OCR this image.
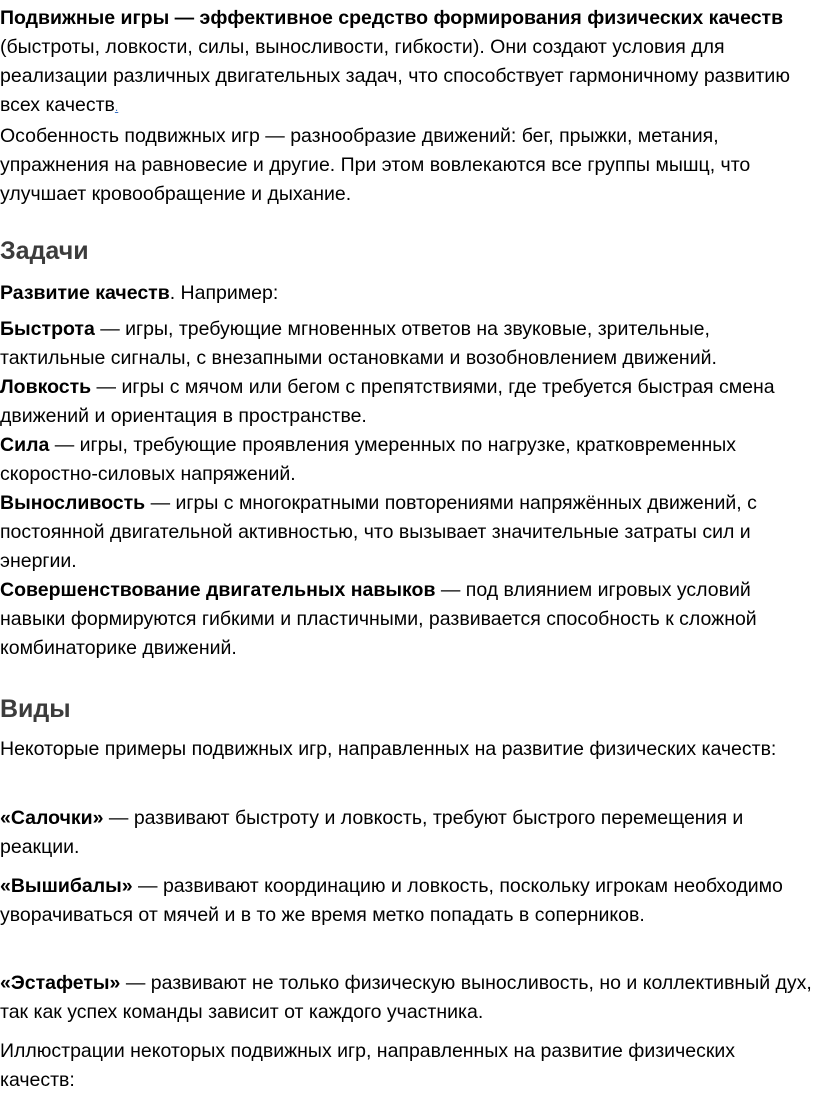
Подвижные игры — эффективное средство формирования физических качеств (быстроты, ловкости, силы, выносливости, гибкости). Они создают условия для реализации различных двигательных задач, что способствует гармоничному развитию всех качеств.
Особенность подвижных игр — разнообразие движений: бег, прыжки, метания, упражнения на равновесие и другие. При этом вовлекаются все группы мышц, что улучшает кровообращение и дыхание.

Задачи

Развитие качеств. Например:

Быстрота — игры, требующие мгновенных ответов на звуковые, зрительные, тактильные сигналы, с внезапными остановками и возобновлением движений.
Ловкость — игры с мячом или бегом с препятствиями, где требуется быстрая смена движений и ориентация в пространстве.
Сила — игры, требующие проявления умеренных по нагрузке, кратковременных скоростно-силовых напряжений.
Выносливость — игры с многократными повторениями напряжённых движений, с постоянной двигательной активностью, что вызывает значительные затраты сил и энергии.
Совершенствование двигательных навыков — под влиянием игровых условий навыки формируются гибкими и пластичными, развивается способность к сложной комбинаторике движений.

Виды

Некоторые примеры подвижных игр, направленных на развитие физических качеств:

«Салочки» — развивают быстроту и ловкость, требуют быстрого перемещения и реакции.

«Вышибалы» — развивают координацию и ловкость, поскольку игрокам необходимо уворачиваться от мячей и в то же время метко попадать в соперников.

«Эстафеты» — развивают не только физическую выносливость, но и коллективный дух, так как успех команды зависит от каждого участника.

Иллюстрации некоторых подвижных игр, направленных на развитие физических качеств:
